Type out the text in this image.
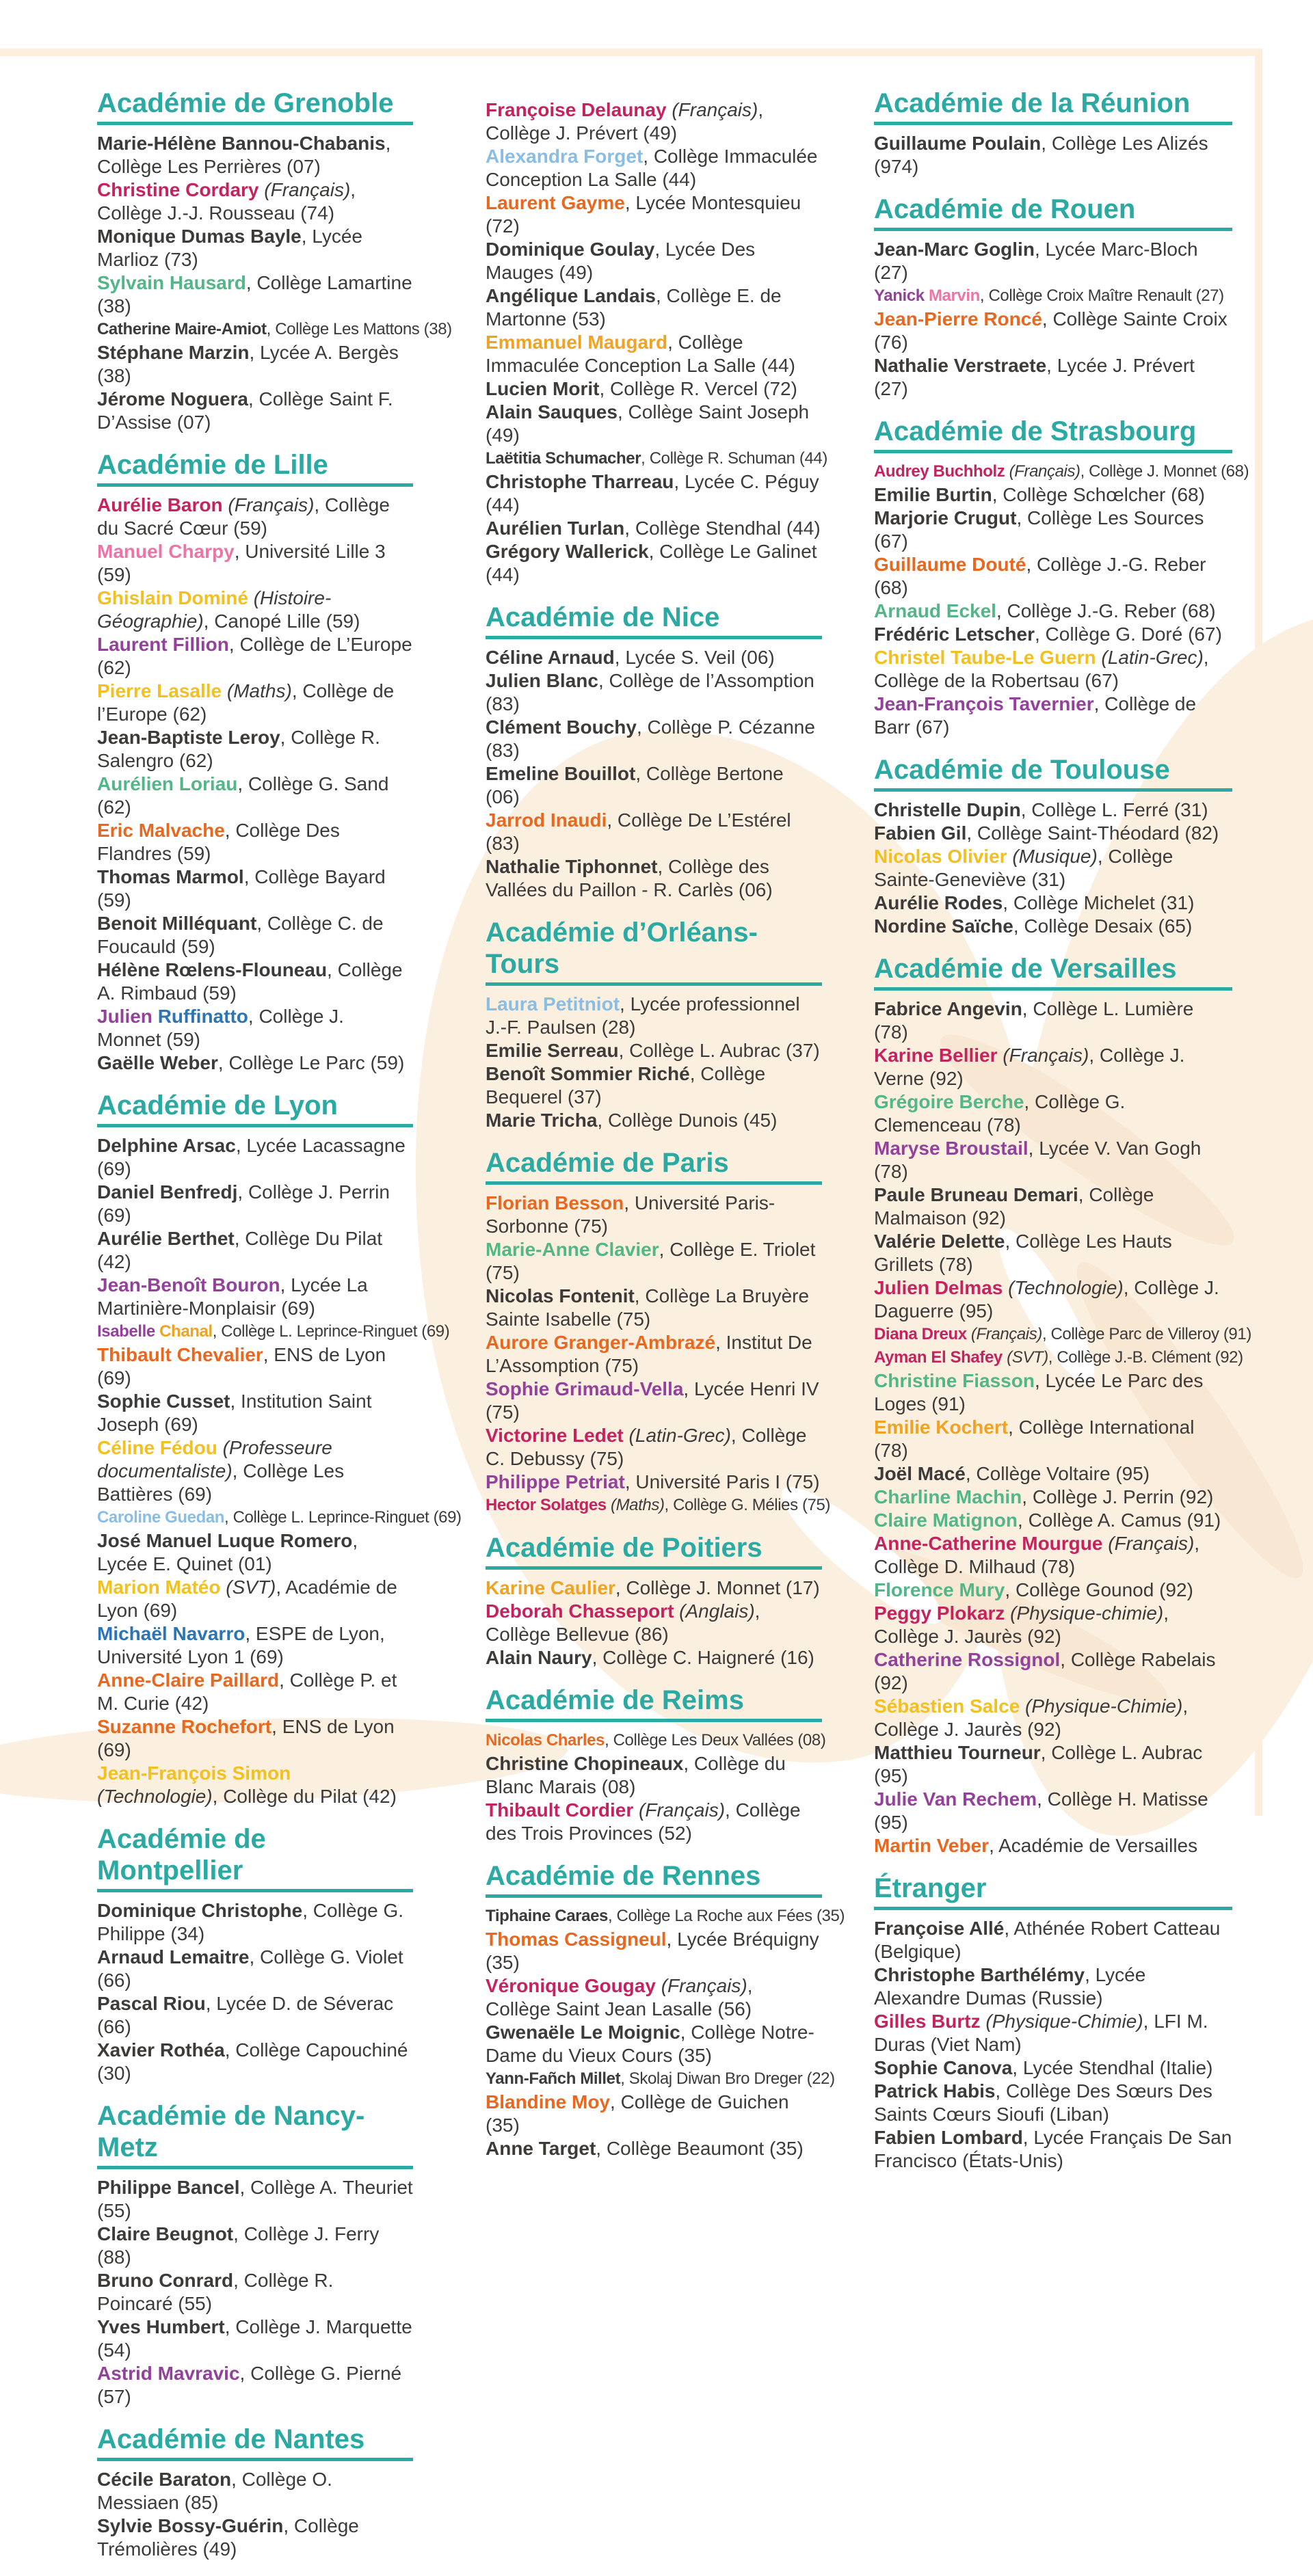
Académie de Grenoble

Marie-Hélène Bannou-Chabanis, Collège Les Perrières (07)

Christine Cordary (Français), Collège J.-J. Rousseau (74)

Monique Dumas Bayle, Lycée Marlioz (73)

Sylvain Hausard, Collège Lamartine (38)

Catherine Maire-Amiot, Collège Les Mattons (38)

Stéphane Marzin, Lycée A. Bergès (38)

Jérome Noguera, Collège Saint F. D’Assise (07)

Académie de Lille

Aurélie Baron (Français), Collège du Sacré Cœur (59)

Manuel Charpy, Université Lille 3 (59)

Ghislain Dominé (Histoire-Géographie), Canopé Lille (59)

Laurent Fillion, Collège de L’Europe (62)

Pierre Lasalle (Maths), Collège de l’Europe (62)

Jean-Baptiste Leroy, Collège R. Salengro (62)

Aurélien Loriau, Collège G. Sand (62)

Eric Malvache, Collège Des Flandres (59)

Thomas Marmol, Collège Bayard (59)

Benoit Milléquant, Collège C. de Foucauld (59)

Hélène Rœlens-Flouneau, Collège A. Rimbaud (59)

Julien Ruffinatto, Collège J. Monnet (59)

Gaëlle Weber, Collège Le Parc (59)

Académie de Lyon

Delphine Arsac, Lycée Lacassagne (69)

Daniel Benfredj, Collège J. Perrin (69)

Aurélie Berthet, Collège Du Pilat (42)

Jean-Benoît Bouron, Lycée La Martinière-Monplaisir (69)

Isabelle Chanal, Collège L. Leprince-Ringuet (69)

Thibault Chevalier, ENS de Lyon (69)

Sophie Cusset, Institution Saint Joseph (69)

Céline Fédou (Professeure documentaliste), Collège Les Battières (69)

Caroline Guedan, Collège L. Leprince-Ringuet (69)

José Manuel Luque Romero, Lycée E. Quinet (01)

Marion Matéo (SVT), Académie de Lyon (69)

Michaël Navarro, ESPE de Lyon, Université Lyon 1 (69)

Anne-Claire Paillard, Collège P. et M. Curie (42)

Suzanne Rochefort, ENS de Lyon (69)

Jean-François Simon (Technologie), Collège du Pilat (42)

Académie de Montpellier

Dominique Christophe, Collège G. Philippe (34)

Arnaud Lemaitre, Collège G. Violet (66)

Pascal Riou, Lycée D. de Séverac (66)

Xavier Rothéa, Collège Capouchiné (30)

Académie de Nancy-Metz

Philippe Bancel, Collège A. Theuriet (55)

Claire Beugnot, Collège J. Ferry (88)

Bruno Conrard, Collège R. Poincaré (55)

Yves Humbert, Collège J. Marquette (54)

Astrid Mavravic, Collège G. Pierné (57)

Académie de Nantes

Cécile Baraton, Collège O. Messiaen (85)

Sylvie Bossy-Guérin, Collège Trémolières (49)

Françoise Delaunay (Français), Collège J. Prévert (49)

Alexandra Forget, Collège Immaculée Conception La Salle (44)

Laurent Gayme, Lycée Montesquieu (72)

Dominique Goulay, Lycée Des Mauges (49)

Angélique Landais, Collège E. de Martonne (53)

Emmanuel Maugard, Collège Immaculée Conception La Salle (44)

Lucien Morit, Collège R. Vercel (72)

Alain Sauques, Collège Saint Joseph (49)

Laëtitia Schumacher, Collège R. Schuman (44)

Christophe Tharreau, Lycée C. Péguy (44)

Aurélien Turlan, Collège Stendhal (44)

Grégory Wallerick, Collège Le Galinet (44)

Académie de Nice

Céline Arnaud, Lycée S. Veil (06)

Julien Blanc, Collège de l’Assomption (83)

Clément Bouchy, Collège P. Cézanne (83)

Emeline Bouillot, Collège Bertone (06)

Jarrod Inaudi, Collège De L’Estérel (83)

Nathalie Tiphonnet, Collège des Vallées du Paillon - R. Carlès (06)

Académie d’Orléans-Tours

Laura Petitniot, Lycée professionnel J.-F. Paulsen (28)

Emilie Serreau, Collège L. Aubrac (37)

Benoît Sommier Riché, Collège Bequerel (37)

Marie Tricha, Collège Dunois (45)

Académie de Paris

Florian Besson, Université Paris-Sorbonne (75)

Marie-Anne Clavier, Collège E. Triolet (75)

Nicolas Fontenit, Collège La Bruyère Sainte Isabelle (75)

Aurore Granger-Ambrazé, Institut De L’Assomption (75)

Sophie Grimaud-Vella, Lycée Henri IV (75)

Victorine Ledet (Latin-Grec), Collège C. Debussy (75)

Philippe Petriat, Université Paris I (75)

Hector Solatges (Maths), Collège G. Mélies (75)

Académie de Poitiers

Karine Caulier, Collège J. Monnet (17)

Deborah Chasseport (Anglais), Collège Bellevue (86)

Alain Naury, Collège C. Haigneré (16)

Académie de Reims

Nicolas Charles, Collège Les Deux Vallées (08)

Christine Chopineaux, Collège du Blanc Marais (08)

Thibault Cordier (Français), Collège des Trois Provinces (52)

Académie de Rennes

Tiphaine Caraes, Collège La Roche aux Fées (35)

Thomas Cassigneul, Lycée Bréquigny (35)

Véronique Gougay (Français), Collège Saint Jean Lasalle (56)

Gwenaële Le Moignic, Collège Notre-Dame du Vieux Cours (35)

Yann-Fañch Millet, Skolaj Diwan Bro Dreger (22)

Blandine Moy, Collège de Guichen (35)

Anne Target, Collège Beaumont (35)

Académie de la Réunion

Guillaume Poulain, Collège Les Alizés (974)

Académie de Rouen

Jean-Marc Goglin, Lycée Marc-Bloch (27)

Yanick Marvin, Collège Croix Maître Renault (27)

Jean-Pierre Roncé, Collège Sainte Croix (76)

Nathalie Verstraete, Lycée J. Prévert (27)

Académie de Strasbourg

Audrey Buchholz (Français), Collège J. Monnet (68)

Emilie Burtin, Collège Schœlcher (68)

Marjorie Crugut, Collège Les Sources (67)

Guillaume Douté, Collège J.-G. Reber (68)

Arnaud Eckel, Collège J.-G. Reber (68)

Frédéric Letscher, Collège G. Doré (67)

Christel Taube-Le Guern (Latin-Grec), Collège de la Robertsau (67)

Jean-François Tavernier, Collège de Barr (67)

Académie de Toulouse

Christelle Dupin, Collège L. Ferré (31)

Fabien Gil, Collège Saint-Théodard (82)

Nicolas Olivier (Musique), Collège Sainte-Geneviève (31)

Aurélie Rodes, Collège Michelet (31)

Nordine Saïche, Collège Desaix (65)

Académie de Versailles

Fabrice Angevin, Collège L. Lumière (78)

Karine Bellier (Français), Collège J. Verne (92)

Grégoire Berche, Collège G. Clemenceau (78)

Maryse Broustail, Lycée V. Van Gogh (78)

Paule Bruneau Demari, Collège Malmaison (92)

Valérie Delette, Collège Les Hauts Grillets (78)

Julien Delmas (Technologie), Collège J. Daguerre (95)

Diana Dreux (Français), Collège Parc de Villeroy (91)

Ayman El Shafey (SVT), Collège J.-B. Clément (92)

Christine Fiasson, Lycée Le Parc des Loges (91)

Emilie Kochert, Collège International (78)

Joël Macé, Collège Voltaire (95)

Charline Machin, Collège J. Perrin (92)

Claire Matignon, Collège A. Camus (91)

Anne-Catherine Mourgue (Français), Collège D. Milhaud (78)

Florence Mury, Collège Gounod (92)

Peggy Plokarz (Physique-chimie), Collège J. Jaurès (92)

Catherine Rossignol, Collège Rabelais (92)

Sébastien Salce (Physique-Chimie), Collège J. Jaurès (92)

Matthieu Tourneur, Collège L. Aubrac (95)

Julie Van Rechem, Collège H. Matisse (95)

Martin Veber, Académie de Versailles

Étranger

Françoise Allé, Athénée Robert Catteau (Belgique)

Christophe Barthélémy, Lycée Alexandre Dumas (Russie)

Gilles Burtz (Physique-Chimie), LFI M. Duras (Viet Nam)

Sophie Canova, Lycée Stendhal (Italie)

Patrick Habis, Collège Des Sœurs Des Saints Cœurs Sioufi (Liban)

Fabien Lombard, Lycée Français De San Francisco (États-Unis)
